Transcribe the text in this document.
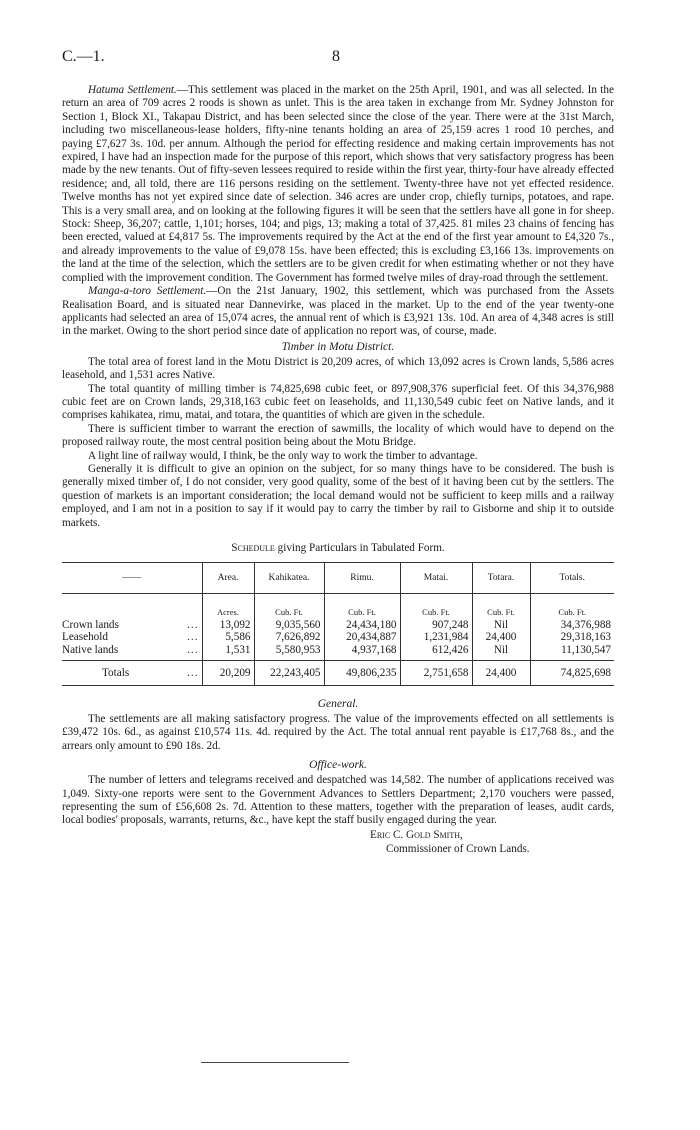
C.—1.	8

Hatuma Settlement.—This settlement was placed in the market on the 25th April, 1901, and was all selected. In the return an area of 709 acres 2 roods is shown as unlet. This is the area taken in exchange from Mr. Sydney Johnston for Section 1, Block XI., Takapau District, and has been selected since the close of the year. There were at the 31st March, including two miscellaneous-lease holders, fifty-nine tenants holding an area of 25,159 acres 1 rood 10 perches, and paying £7,627 3s. 10d. per annum. Although the period for effecting residence and making certain improvements has not expired, I have had an inspection made for the purpose of this report, which shows that very satisfactory progress has been made by the new tenants. Out of fifty-seven lessees required to reside within the first year, thirty-four have already effected residence; and, all told, there are 116 persons residing on the settlement. Twenty-three have not yet effected residence. Twelve months has not yet expired since date of selection. 346 acres are under crop, chiefly turnips, potatoes, and rape. This is a very small area, and on looking at the following figures it will be seen that the settlers have all gone in for sheep. Stock: Sheep, 36,207; cattle, 1,101; horses, 104; and pigs, 13; making a total of 37,425. 81 miles 23 chains of fencing has been erected, valued at £4,817 5s. The improvements required by the Act at the end of the first year amount to £4,320 7s., and already improvements to the value of £9,078 15s. have been effected; this is excluding £3,166 13s. improvements on the land at the time of the selection, which the settlers are to be given credit for when estimating whether or not they have complied with the improvement condition. The Government has formed twelve miles of dray-road through the settlement.

Manga-a-toro Settlement.—On the 21st January, 1902, this settlement, which was purchased from the Assets Realisation Board, and is situated near Dannevirke, was placed in the market. Up to the end of the year twenty-one applicants had selected an area of 15,074 acres, the annual rent of which is £3,921 13s. 10d. An area of 4,348 acres is still in the market. Owing to the short period since date of application no report was, of course, made.

Timber in Motu District.

The total area of forest land in the Motu District is 20,209 acres, of which 13,092 acres is Crown lands, 5,586 acres leasehold, and 1,531 acres Native.

The total quantity of milling timber is 74,825,698 cubic feet, or 897,908,376 superficial feet. Of this 34,376,988 cubic feet are on Crown lands, 29,318,163 cubic feet on leaseholds, and 11,130,549 cubic feet on Native lands, and it comprises kahikatea, rimu, matai, and totara, the quantities of which are given in the schedule.

There is sufficient timber to warrant the erection of sawmills, the locality of which would have to depend on the proposed railway route, the most central position being about the Motu Bridge.

A light line of railway would, I think, be the only way to work the timber to advantage.

Generally it is difficult to give an opinion on the subject, for so many things have to be considered. The bush is generally mixed timber of, I do not consider, very good quality, some of the best of it having been cut by the settlers. The question of markets is an important consideration; the local demand would not be sufficient to keep mills and a railway employed, and I am not in a position to say if it would pay to carry the timber by rail to Gisborne and ship it to outside markets.

Schedule giving Particulars in Tabulated Form.
——	Area.	Kahikatea.	Rimu.	Matai.	Totara.	Totals.
	Acres.	Cub. Ft.	Cub. Ft.	Cub. Ft.	Cub. Ft.	Cub. Ft.
Crown lands ...	13,092	9,035,560	24,434,180	907,248	Nil	34,376,988
Leasehold ...	5,586	7,626,892	20,434,887	1,231,984	24,400	29,318,163
Native lands ...	1,531	5,580,953	4,937,168	612,426	Nil	11,130,547

Totals ...	20,209	22,243,405	49,806,235	2,751,658	24,400	74,825,698
General.

The settlements are all making satisfactory progress. The value of the improvements effected on all settlements is £39,472 10s. 6d., as against £10,574 11s. 4d. required by the Act. The total annual rent payable is £17,768 8s., and the arrears only amount to £90 18s. 2d.

Office-work.

The number of letters and telegrams received and despatched was 14,582. The number of applications received was 1,049. Sixty-one reports were sent to the Government Advances to Settlers Department; 2,170 vouchers were passed, representing the sum of £56,608 2s. 7d. Attention to these matters, together with the preparation of leases, audit cards, local bodies' proposals, warrants, returns, &c., have kept the staff busily engaged during the year.

Eric C. Gold Smith,
Commissioner of Crown Lands.
